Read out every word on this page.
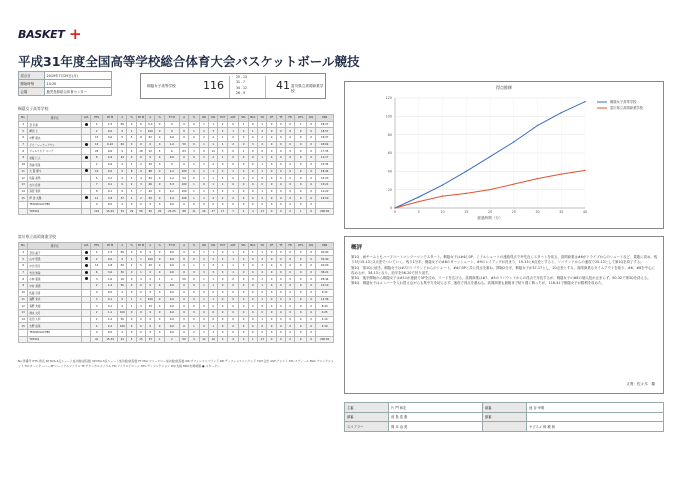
BASKET +
平成31年度全国高等学校総合体育大会バスケットボール競技
試合日	2019年7月29日(月)
開始時刻	13:20
会場	鹿児島県総合体育センター
桐蔭女子高等学校 116
25 - 13
31 - 7
34 - 12
26 - 9
41 富川県立高岡商業学校
桐蔭女子高等学校
No.	選手名	G/S	PTS	2P M	A	%	3P M	A	%	FT M	A	%	OR	DR	TOT	AST	STL	BLK	TO	PF	TF	FD	DFL	DQ	MIN
4	宮 弘和		4	2-3	66	0	0	0-0	0	0	0	0	1	1	2	0	1	0	1	0	0	0	1	0	18:27
5	柳田 七		2	0-0	0	1	1	100	0	0	0	1	2	3	2	1	0	1	2	0	0	0	0	0	18:57
6	市野 朋也		15	0-0	0	5	8	62	0	0-0	0	0	2	2	1	0	0	0	2	0	0	0	0	0	18:37
7	ドイ・レーナーアサン		12	6-10	60	0	0	0	0	1-2	50	0	1	1	1	2	0	3	2	0	0	0	0	0	18:02
8	ジャルウジア スコア		26	0-6	0	4	18	22	5	6	83	3	9	12	3	0	1	0	0	0	0	0	0	0	17:35
9	加藤 仁人		8	4-9	44	0	0	0	0	0-0	0	0	2	2	1	0	0	0	1	0	0	0	0	0	11:17
10	西浦 悠里		2	0-6	0	1	2	50	0	0	0	1	1	2	0	0	0	0	1	0	0	0	0	0	14:34
11	大 賢 優斗		16	0-0	0	8	9	88	0	2-2	100	0	1	1	3	1	0	0	1	0	0	0	0	0	18:44
12	佐藤 美昂		5	0-1	0	2	4	50	0	1-2	50	0	1	1	1	0	0	0	0	0	0	0	0	0	15:23
13	吉川 佳世		7	0-1	0	2	3	66	0	3-3	100	1	0	1	1	0	0	0	0	0	0	0	0	0	13:21
14	鳥居 宥我		8	0-1	0	3	7	42	0	2-2	100	1	2	3	2	1	0	0	1	0	0	0	0	0	12:20
15	伊 田 太陽		11	3-8	37	1	2	50	0	2-2	100	1	3	4	2	2	0	0	2	0	0	0	0	0	19:10
	TEAM/COACHES		0	0-0	0	0	0	0	0	0-0	0	0	0	0	0	0	0	0	0	0	0	0	0	0	
	TOTALS		116	15-44	34	29	58	50	20	22-25	88	11	26	37	17	7	2	4	13	0	0	0	1	0	200:00
富川県立高岡商業学校
No.	選手名	G/S	PTS	2P M	A	%	3P M	A	%	FT M	A	%	OR	DR	TOT	AST	STL	BLK	TO	PF	TF	FD	DFL	DQ	MIN
4	宮田 晶子		4	2-3	66	0	0	0	0	0-0	0	0	1	1	0	1	0	1	1	0	0	0	0	0	40:00
5	山中 悠馬		2	0-0	0	1	1	100	0	0-0	0	0	2	2	2	1	0	0	2	0	0	0	0	0	32:40
6	中田 悠月		14	4-8	50	2	5	40	0	0-0	0	1	2	3	1	1	0	0	3	0	0	0	0	0	40:00
7	竹田 智哉		6	3-6	50	0	1	0	0	0-0	0	0	3	3	0	1	0	0	2	0	0	0	0	0	38:21
8	小林 亜美		3	1-6	16	0	4	0	1	2	50	0	1	1	0	0	0	0	2	0	0	0	0	0	28:44
9	中村 栞那		2	1-2	50	0	0	0	0	0-0	0	0	1	1	0	0	0	0	1	0	0	0	0	0	10:10
10	佐藤 百香		0	0-0	0	0	0	0	0	0-0	0	0	0	0	0	0	0	0	0	0	0	0	0	0	6:34
11	福野 朱央		3	0-1	0	1	1	100	0	0-0	0	0	1	1	0	0	0	0	1	0	0	0	0	0	12:36
12	森野 友姫		3	0-1	0	1	3	33	0	0-0	0	0	0	0	0	0	0	0	0	0	0	0	0	0	6:40
13	道永 文月		2	1-1	100	0	0	0	0	0-0	0	0	0	0	0	0	0	0	0	0	0	0	0	0	4:25
14	松田 大河		2	1-2	50	0	0	0	0	0-0	0	0	0	0	0	0	0	0	1	0	0	0	0	0	4:10
15	吉野 由菜		4	2-2	100	0	0	0	0	0-0	0	1	0	1	0	0	0	0	0	0	0	0	0	0	4:10
	TEAM/COACHES		0	0-0	0	0	0	0	0	0-0	0	2	1	3	0	0	0	0	0	0	0	0	0	0	
	TOTALS		41	15-34	44	5	15	33	1	2	50	4	12	16	3	4	0	1	13	0	0	0	0	0	200:00
No:背番号 PTS:得点 2P M/A:2点シュート成功数/試投数 3P M/A:3点シュート成功数/試投数 FT M/A:フリースロー成功数/試投数 OR:オフェンスリバウンド DR:ディフェンスリバウンド TOT:合計 AST:アシスト STL:スティール BLK:ブロックショット TO:ターンオーバー PF:パーソナルファウル TF:テクニカルファウル FD:ファウルドローン DFL:ディフレクション DQ:失格 MIN:出場時間 ●:スターター
得点推移
0
20
40
60
80
100
120
0	5	10	15	20	25	30	35	40
経過時間（分）
桐蔭女子高等学校
富川県立高岡商業学校
概評

第1Q　両チームともハーフコートマンツーマンでスタート。桐蔭女子は#4の3P、ミドルシュートの連続得点で幸先良くスタートを切る。高岡商業は#6がドライブからのシュートなど、果敢に攻め、残り3分15-13と2点差でついていく。残り1分半、桐蔭女子の#8のターンシュート、#9のレイアップが決まり、19-13と6点差とすると、リバウンドからの速攻で25-13として第1Qを終了する。

第2Q　第1Qに続き、桐蔭女子は#7のリバウンドからのシュート、#4の3Pと共に得点を重ね、開始2分半、桐蔭女子が37-17とし、20点差とする。高岡商業もタイムアウトを取り、#6、#8を中心に攻めるが、34-13となり、前半を56-20で折り返す。

第3Q　後半開始から桐蔭女子は#11が連続で3Pを沈め、リードを広げる。高岡商業は#7、#5のリバウンドからの得点で対抗するが、桐蔭女子の#8の個人技が止まらず、90-32で第3Qを終える。

第4Q　桐蔭女子はメンバーを入れ替えながらも集中力を切らさず、速攻で得点を重ねる。高岡商業も最後まで粘り強く戦ったが、116-41で桐蔭女子が勝利を収めた。

文責：佐々木　衛
主審	片 門 和宏	副審	池 谷 幸明
副審	前 島 浩 康	副審	
スコアラー	岡 本 由 美		ヤブスメ 幹 敏 和
